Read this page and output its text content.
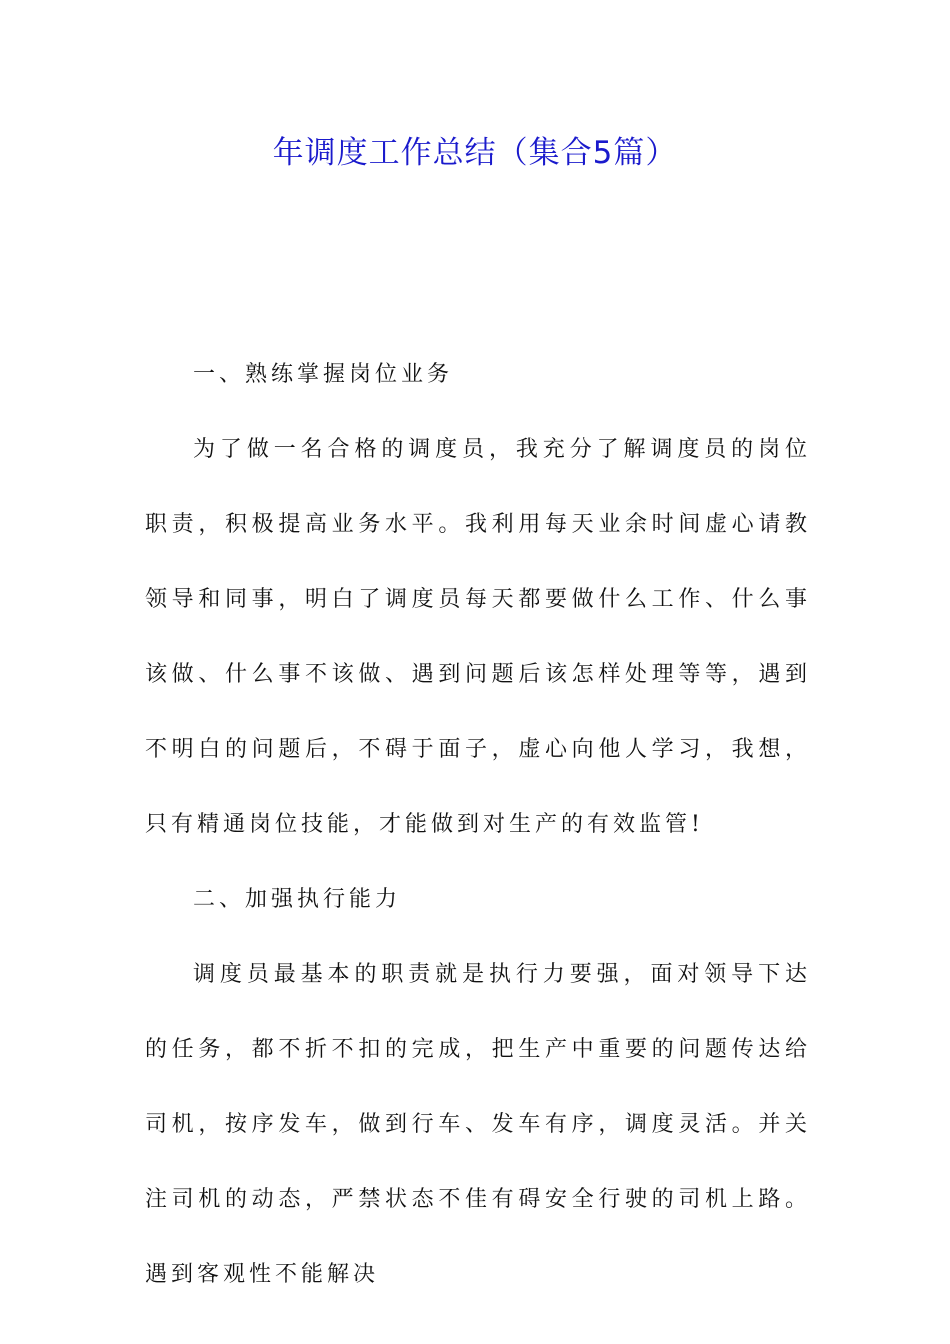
年调度工作总结（集合5篇）

一、熟练掌握岗位业务

为了做一名合格的调度员，我充分了解调度员的岗位职责，积极提高业务水平。我利用每天业余时间虚心请教领导和同事，明白了调度员每天都要做什么工作、什么事该做、什么事不该做、遇到问题后该怎样处理等等，遇到不明白的问题后，不碍于面子，虚心向他人学习，我想，只有精通岗位技能，才能做到对生产的有效监管!

二、加强执行能力

调度员最基本的职责就是执行力要强，面对领导下达的任务，都不折不扣的完成，把生产中重要的问题传达给司机，按序发车，做到行车、发车有序，调度灵活。并关注司机的动态，严禁状态不佳有碍安全行驶的司机上路。遇到客观性不能解决
